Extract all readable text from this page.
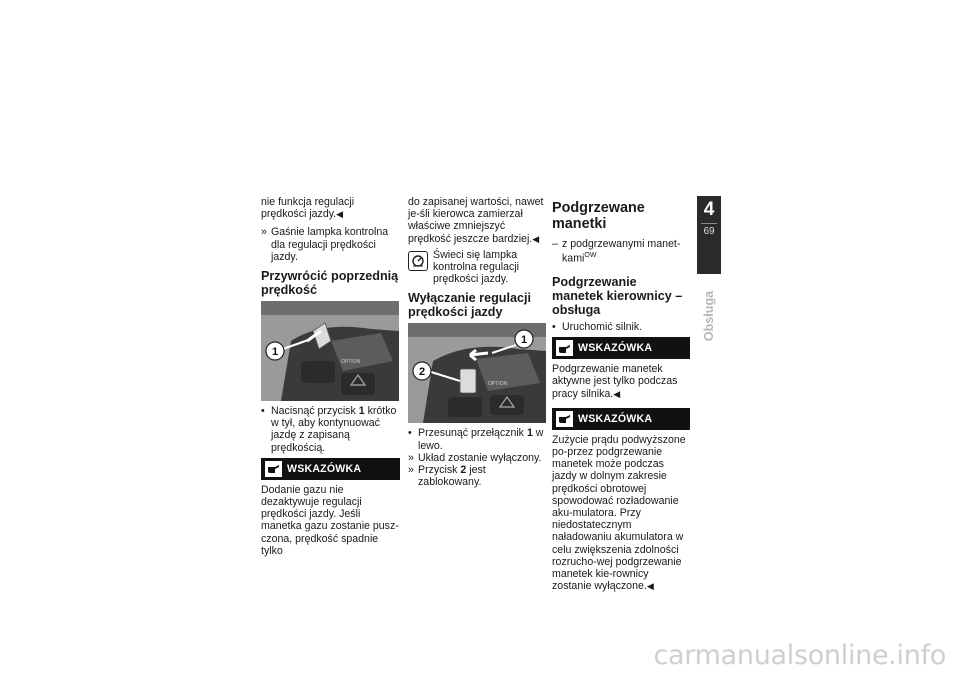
nie funkcja regulacji prędkości jazdy.◀

» Gaśnie lampka kontrolna dla regulacji prędkości jazdy.

Przywrócić poprzednią prędkość
OPTION
1

• Nacisnąć przycisk 1 krótko w tył, aby kontynuować jazdę z zapisaną prędkością.

WSKAZÓWKA

Dodanie gazu nie dezaktywuje regulacji prędkości jazdy. Jeśli manetka gazu zostanie pusz-czona, prędkość spadnie tylko

do zapisanej wartości, nawet je-śli kierowca zamierzał właściwe zmniejszyć prędkość jeszcze bardziej.◀

Świeci się lampka kontrolna regulacji prędkości jazdy.

Wyłączanie regulacji prędkości jazdy
OPTION
1
2

• Przesunąć przełącznik 1 w lewo.

» Układ zostanie wyłączony.

» Przycisk 2 jest zablokowany.

Podgrzewane manetki

– z podgrzewanymi manet-kami$^{OW}$

Podgrzewanie manetek kierownicy – obsługa

• Uruchomić silnik.

WSKAZÓWKA

Podgrzewanie manetek aktywne jest tylko podczas pracy silnika.◀

WSKAZÓWKA

Zużycie prądu podwyższone po-przez podgrzewanie manetek może podczas jazdy w dolnym zakresie prędkości obrotowej spowodować rozładowanie aku-mulatora. Przy niedostatecznym naładowaniu akumulatora w celu zwiększenia zdolności rozrucho-wej podgrzewanie manetek kie-rownicy zostanie wyłączone.◀

4
69
Obsługa
carmanualsonline.info
